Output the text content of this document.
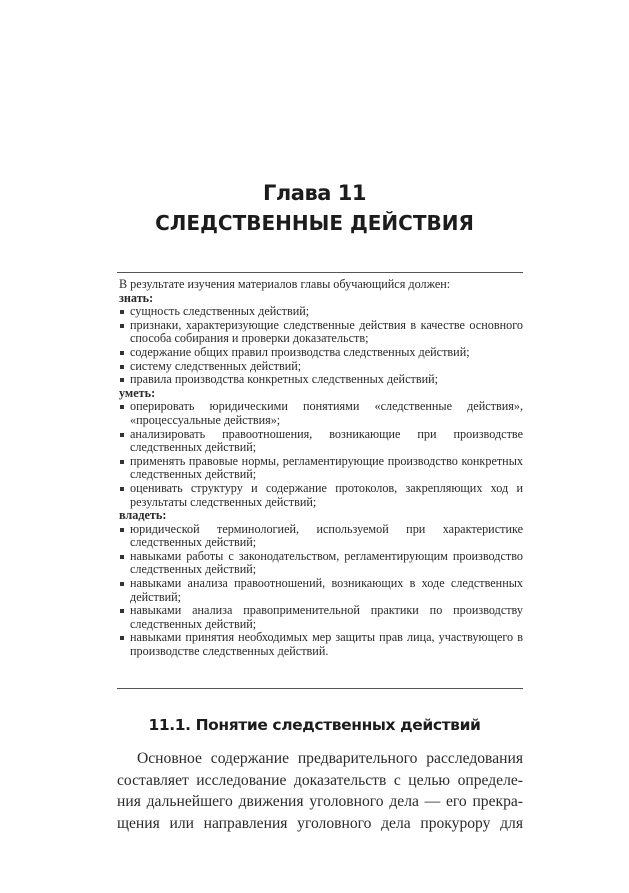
Глава 11
СЛЕДСТВЕННЫЕ ДЕЙСТВИЯ
В результате изучения материалов главы обучающийся должен:
знать:
сущность следственных действий;
признаки, характеризующие следственные действия в качестве основного способа собирания и проверки доказательств;
содержание общих правил производства следственных действий;
систему следственных действий;
правила производства конкретных следственных действий;
уметь:
оперировать юридическими понятиями «следственные действия», «процессуальные действия»;
анализировать правоотношения, возникающие при производстве следственных действий;
применять правовые нормы, регламентирующие производство конкретных следственных действий;
оценивать структуру и содержание протоколов, закрепляющих ход и результаты следственных действий;
владеть:
юридической терминологией, используемой при характеристике следственных действий;
навыками работы с законодательством, регламентирующим производство следственных действий;
навыками анализа правоотношений, возникающих в ходе следственных действий;
навыками анализа правоприменительной практики по производству следственных действий;
навыками принятия необходимых мер защиты прав лица, участвующего в производстве следственных действий.
11.1. Понятие следственных действий
Основное содержание предварительного расследования
составляет исследование доказательств с целью определе-
ния дальнейшего движения уголовного дела — его прекра-
щения или направления уголовного дела прокурору для
